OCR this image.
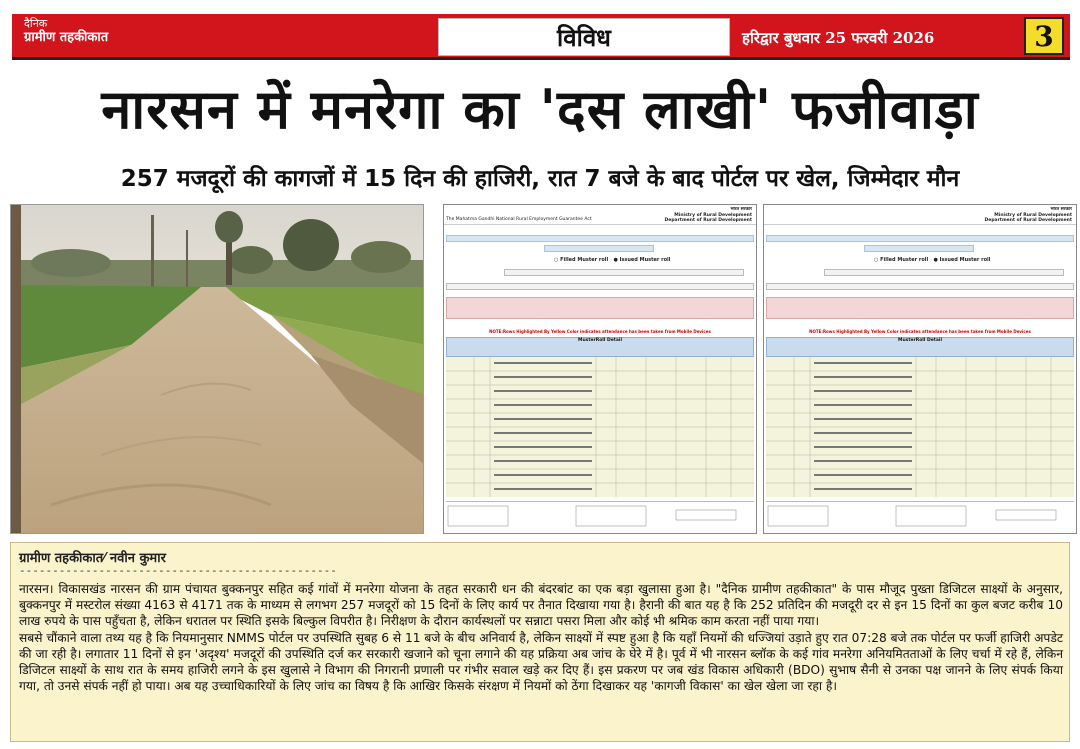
दैनिक
ग्रामीण तहकीकात	विविध	हरिद्वार बुधवार 25 फरवरी 2026	3
नारसन में मनरेगा का 'दस लाखी' फजीवाड़ा
257 मजदूरों की कागजों में 15 दिन की हाजिरी, रात 7 बजे के बाद पोर्टल पर खेल, जिम्मेदार मौन
भारत सरकार
Ministry of Rural Development
Department of Rural Development
The Mahatma Gandhi National Rural Employment Guarantee Act
○ Filled Muster roll   ● Issued Muster roll
NOTE:Rows Highlighted By Yellow Color indicates attendance has been taken from Mobile Devices
MusterRoll Detail
भारत सरकार
Ministry of Rural Development
Department of Rural Development
○ Filled Muster roll   ● Issued Muster roll
NOTE:Rows Highlighted By Yellow Color indicates attendance has been taken from Mobile Devices
MusterRoll Detail
ग्रामीण तहकीकात⁄ नवीन कुमार
------------------------------------------------

नारसन। विकासखंड नारसन की ग्राम पंचायत बुक्कनपुर सहित कई गांवों में मनरेगा योजना के तहत सरकारी धन की बंदरबांट का एक बड़ा खुलासा हुआ है। "दैनिक ग्रामीण तहकीकात" के पास मौजूद पुख्ता डिजिटल साक्ष्यों के अनुसार, बुक्कनपुर में मस्टरोल संख्या 4163 से 4171 तक के माध्यम से लगभग 257 मजदूरों को 15 दिनों के लिए कार्य पर तैनात दिखाया गया है। हैरानी की बात यह है कि 252 प्रतिदिन की मजदूरी दर से इन 15 दिनों का कुल बजट करीब 10 लाख रुपये के पास पहुँचता है, लेकिन धरातल पर स्थिति इसके बिल्कुल विपरीत है। निरीक्षण के दौरान कार्यस्थलों पर सन्नाटा पसरा मिला और कोई भी श्रमिक काम करता नहीं पाया गया।

सबसे चौंकाने वाला तथ्य यह है कि नियमानुसार NMMS पोर्टल पर उपस्थिति सुबह 6 से 11 बजे के बीच अनिवार्य है, लेकिन साक्ष्यों में स्पष्ट हुआ है कि यहाँ नियमों की धज्जियां उड़ाते हुए रात 07:28 बजे तक पोर्टल पर फर्जी हाजिरी अपडेट की जा रही है। लगातार 11 दिनों से इन 'अदृश्य' मजदूरों की उपस्थिति दर्ज कर सरकारी खजाने को चूना लगाने की यह प्रक्रिया अब जांच के घेरे में है। पूर्व में भी नारसन ब्लॉक के कई गांव मनरेगा अनियमितताओं के लिए चर्चा में रहे हैं, लेकिन डिजिटल साक्ष्यों के साथ रात के समय हाजिरी लगने के इस खुलासे ने विभाग की निगरानी प्रणाली पर गंभीर सवाल खड़े कर दिए हैं। इस प्रकरण पर जब खंड विकास अधिकारी (BDO) सुभाष सैनी से उनका पक्ष जानने के लिए संपर्क किया गया, तो उनसे संपर्क नहीं हो पाया। अब यह उच्चाधिकारियों के लिए जांच का विषय है कि आखिर किसके संरक्षण में नियमों को ठेंगा दिखाकर यह 'कागजी विकास' का खेल खेला जा रहा है।
